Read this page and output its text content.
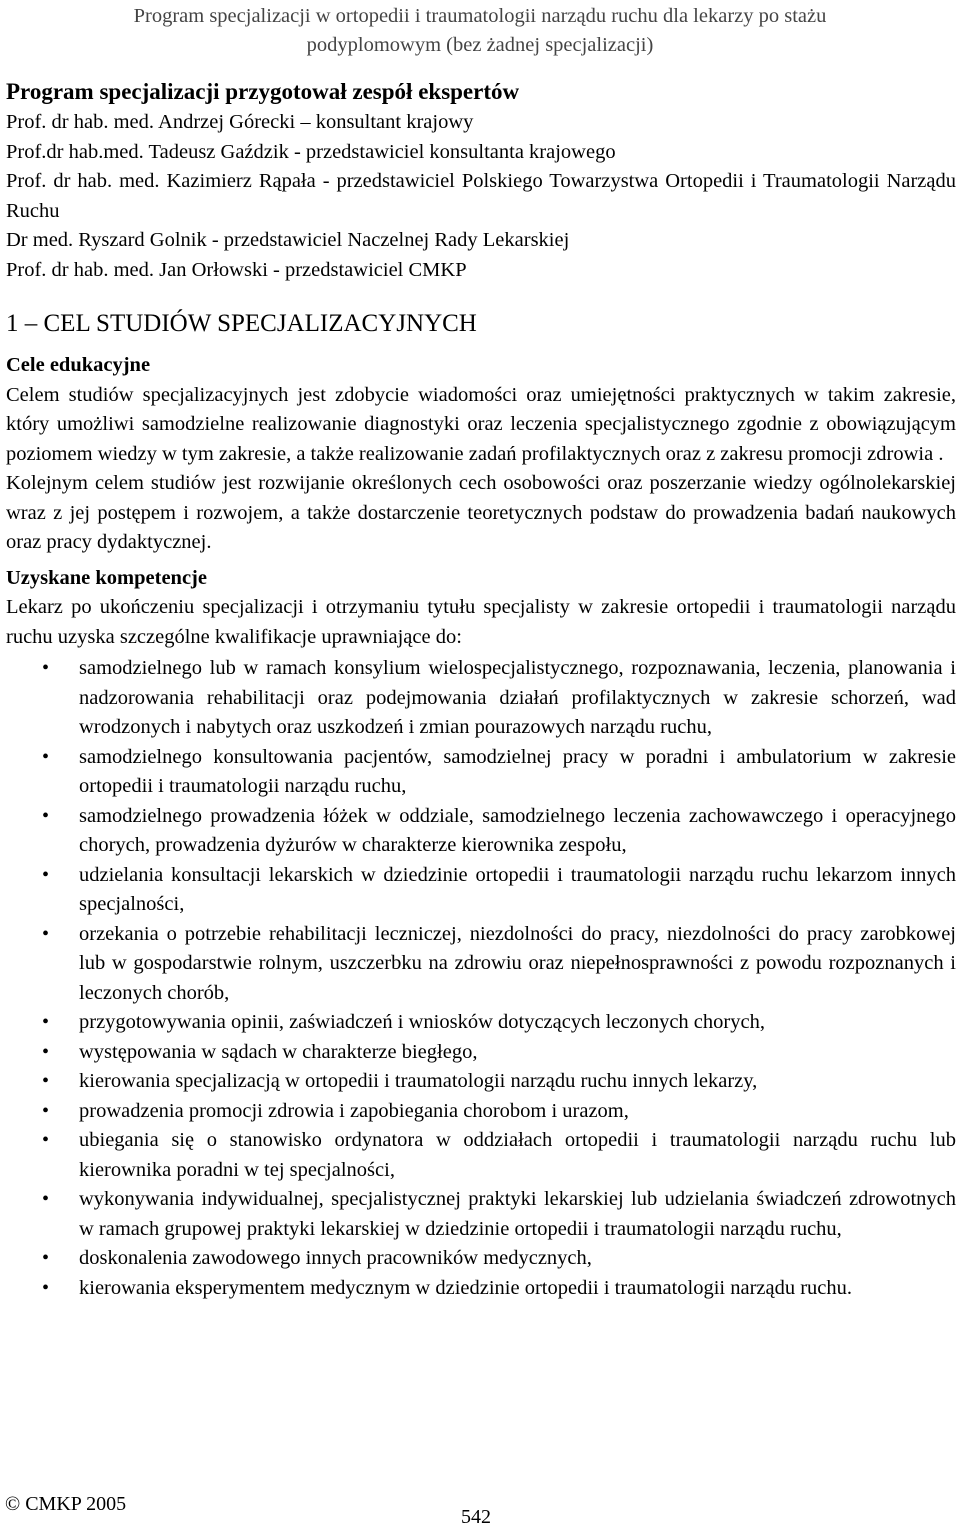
Program specjalizacji w ortopedii i traumatologii narządu ruchu dla lekarzy po stażu
podyplomowym (bez żadnej specjalizacji)

Program specjalizacji przygotował zespół ekspertów

Prof. dr hab. med. Andrzej Górecki – konsultant krajowy

Prof.dr hab.med. Tadeusz Gaździk - przedstawiciel konsultanta krajowego

Prof. dr hab. med. Kazimierz Rąpała - przedstawiciel Polskiego Towarzystwa Ortopedii i Traumatologii Narządu Ruchu

Dr med. Ryszard Golnik - przedstawiciel Naczelnej Rady Lekarskiej

Prof. dr hab. med. Jan Orłowski - przedstawiciel CMKP

1 – CEL STUDIÓW SPECJALIZACYJNYCH

Cele edukacyjne

Celem studiów specjalizacyjnych jest zdobycie wiadomości oraz umiejętności praktycznych w takim zakresie, który umożliwi samodzielne realizowanie diagnostyki oraz leczenia specjalistycznego zgodnie z obowiązującym poziomem wiedzy w tym zakresie, a także realizowanie zadań profilaktycznych oraz z zakresu promocji zdrowia .

Kolejnym celem studiów jest rozwijanie określonych cech osobowości oraz poszerzanie wiedzy ogólnolekarskiej wraz z jej postępem i rozwojem, a także dostarczenie teoretycznych podstaw do prowadzenia badań naukowych oraz pracy dydaktycznej.

Uzyskane kompetencje

Lekarz po ukończeniu specjalizacji i otrzymaniu tytułu specjalisty w zakresie ortopedii i traumatologii narządu ruchu uzyska szczególne kwalifikacje uprawniające do:

• samodzielnego lub w ramach konsylium wielospecjalistycznego, rozpoznawania, leczenia, planowania i nadzorowania rehabilitacji oraz podejmowania działań profilaktycznych w zakresie schorzeń, wad wrodzonych i nabytych oraz uszkodzeń i zmian pourazowych narządu ruchu,
• samodzielnego konsultowania pacjentów, samodzielnej pracy w poradni i ambulatorium w zakresie ortopedii i traumatologii narządu ruchu,
• samodzielnego prowadzenia łóżek w oddziale, samodzielnego leczenia zachowawczego i operacyjnego chorych, prowadzenia dyżurów w charakterze kierownika zespołu,
• udzielania konsultacji lekarskich w dziedzinie ortopedii i traumatologii narządu ruchu lekarzom innych specjalności,
• orzekania o potrzebie rehabilitacji leczniczej, niezdolności do pracy, niezdolności do pracy zarobkowej lub w gospodarstwie rolnym, uszczerbku na zdrowiu oraz niepełnosprawności z powodu rozpoznanych i leczonych chorób,
• przygotowywania opinii, zaświadczeń i wniosków dotyczących leczonych chorych,
• występowania w sądach w charakterze biegłego,
• kierowania specjalizacją w ortopedii i traumatologii narządu ruchu innych lekarzy,
• prowadzenia promocji zdrowia i zapobiegania chorobom i urazom,
• ubiegania się o stanowisko ordynatora w oddziałach ortopedii i traumatologii narządu ruchu lub kierownika poradni w tej specjalności,
• wykonywania indywidualnej, specjalistycznej praktyki lekarskiej lub udzielania świadczeń zdrowotnych w ramach grupowej praktyki lekarskiej w dziedzinie ortopedii i traumatologii narządu ruchu,
• doskonalenia zawodowego innych pracowników medycznych,
• kierowania eksperymentem medycznym w dziedzinie ortopedii i traumatologii narządu ruchu.
© CMKP 2005
542
